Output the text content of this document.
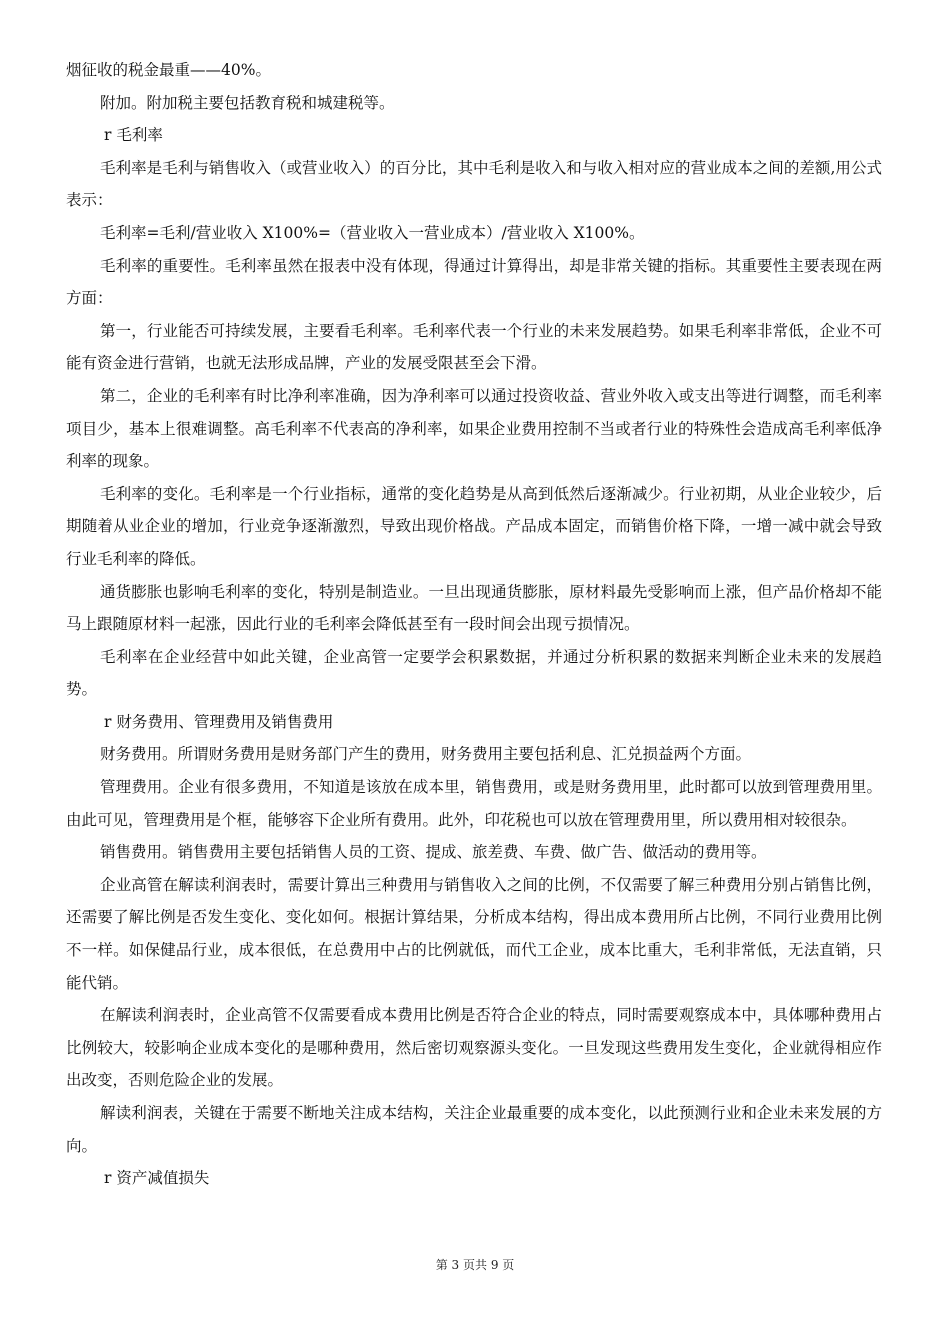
烟征收的税金最重——40%。

附加。附加税主要包括教育税和城建税等。

r 毛利率

毛利率是毛利与销售收入（或营业收入）的百分比，其中毛利是收入和与收入相对应的营业成本之间的差额,用公式表示：

毛利率=毛利/营业收入 X100%=（营业收入一营业成本）/营业收入 X100%。

毛利率的重要性。毛利率虽然在报表中没有体现，得通过计算得出，却是非常关键的指标。其重要性主要表现在两方面：

第一，行业能否可持续发展，主要看毛利率。毛利率代表一个行业的未来发展趋势。如果毛利率非常低，企业不可能有资金进行营销，也就无法形成品牌，产业的发展受限甚至会下滑。

第二，企业的毛利率有时比净利率准确，因为净利率可以通过投资收益、营业外收入或支出等进行调整，而毛利率项目少，基本上很难调整。高毛利率不代表高的净利率，如果企业费用控制不当或者行业的特殊性会造成高毛利率低净利率的现象。

毛利率的变化。毛利率是一个行业指标，通常的变化趋势是从高到低然后逐渐减少。行业初期，从业企业较少，后期随着从业企业的增加，行业竞争逐渐激烈，导致出现价格战。产品成本固定，而销售价格下降，一增一减中就会导致行业毛利率的降低。

通货膨胀也影响毛利率的变化，特别是制造业。一旦出现通货膨胀，原材料最先受影响而上涨，但产品价格却不能马上跟随原材料一起涨，因此行业的毛利率会降低甚至有一段时间会出现亏损情况。

毛利率在企业经营中如此关键，企业高管一定要学会积累数据，并通过分析积累的数据来判断企业未来的发展趋势。

r 财务费用、管理费用及销售费用

财务费用。所谓财务费用是财务部门产生的费用，财务费用主要包括利息、汇兑损益两个方面。

管理费用。企业有很多费用，不知道是该放在成本里，销售费用，或是财务费用里，此时都可以放到管理费用里。由此可见，管理费用是个框，能够容下企业所有费用。此外，印花税也可以放在管理费用里，所以费用相对较很杂。

销售费用。销售费用主要包括销售人员的工资、提成、旅差费、车费、做广告、做活动的费用等。

企业高管在解读利润表时，需要计算出三种费用与销售收入之间的比例，不仅需要了解三种费用分别占销售比例，还需要了解比例是否发生变化、变化如何。根据计算结果，分析成本结构，得出成本费用所占比例，不同行业费用比例不一样。如保健品行业，成本很低，在总费用中占的比例就低，而代工企业，成本比重大，毛利非常低，无法直销，只能代销。

在解读利润表时，企业高管不仅需要看成本费用比例是否符合企业的特点，同时需要观察成本中，具体哪种费用占比例较大，较影响企业成本变化的是哪种费用，然后密切观察源头变化。一旦发现这些费用发生变化，企业就得相应作出改变，否则危险企业的发展。

解读利润表，关键在于需要不断地关注成本结构，关注企业最重要的成本变化，以此预测行业和企业未来发展的方向。

r 资产减值损失

第 3 页共 9 页
